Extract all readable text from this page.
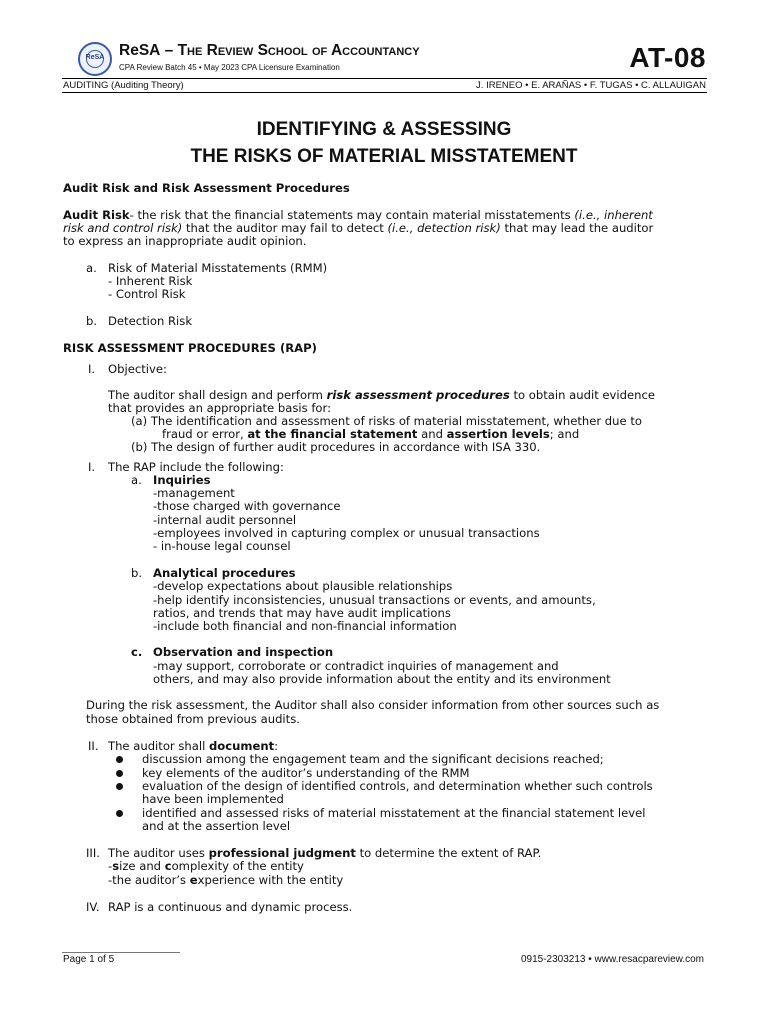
ReSA ReSA – The Review School of Accountancy
CPA Review Batch 45 • May 2023 CPA Licensure Examination	AT-08
AUDITING (Auditing Theory)	J. IRENEO • E. ARAÑAS • F. TUGAS • C. ALLAUIGAN
IDENTIFYING & ASSESSING
THE RISKS OF MATERIAL MISSTATEMENT
Audit Risk and Risk Assessment Procedures
Audit Risk- the risk that the financial statements may contain material misstatements (i.e., inherent
risk and control risk) that the auditor may fail to detect (i.e., detection risk) that may lead the auditor
to express an inappropriate audit opinion.
a. Risk of Material Misstatements (RMM)
- Inherent Risk
- Control Risk
b. Detection Risk
RISK ASSESSMENT PROCEDURES (RAP)
I. Objective:
The auditor shall design and perform risk assessment procedures to obtain audit evidence
that provides an appropriate basis for:
(a) The identification and assessment of risks of material misstatement, whether due to
fraud or error, at the financial statement and assertion levels; and
(b) The design of further audit procedures in accordance with ISA 330.
I. The RAP include the following:
a. Inquiries
-management
-those charged with governance
-internal audit personnel
-employees involved in capturing complex or unusual transactions
- in-house legal counsel
b. Analytical procedures
-develop expectations about plausible relationships
-help identify inconsistencies, unusual transactions or events, and amounts,
ratios, and trends that may have audit implications
-include both financial and non-financial information
c. Observation and inspection
-may support, corroborate or contradict inquiries of management and
others, and may also provide information about the entity and its environment
During the risk assessment, the Auditor shall also consider information from other sources such as
those obtained from previous audits.
II. The auditor shall document:
discussion among the engagement team and the significant decisions reached;
key elements of the auditor’s understanding of the RMM
evaluation of the design of identified controls, and determination whether such controls
have been implemented
identified and assessed risks of material misstatement at the financial statement level
and at the assertion level
III. The auditor uses professional judgment to determine the extent of RAP.
-size and complexity of the entity
-the auditor’s experience with the entity
IV. RAP is a continuous and dynamic process.
Page 1 of 5	0915-2303213 • www.resacpareview.com
